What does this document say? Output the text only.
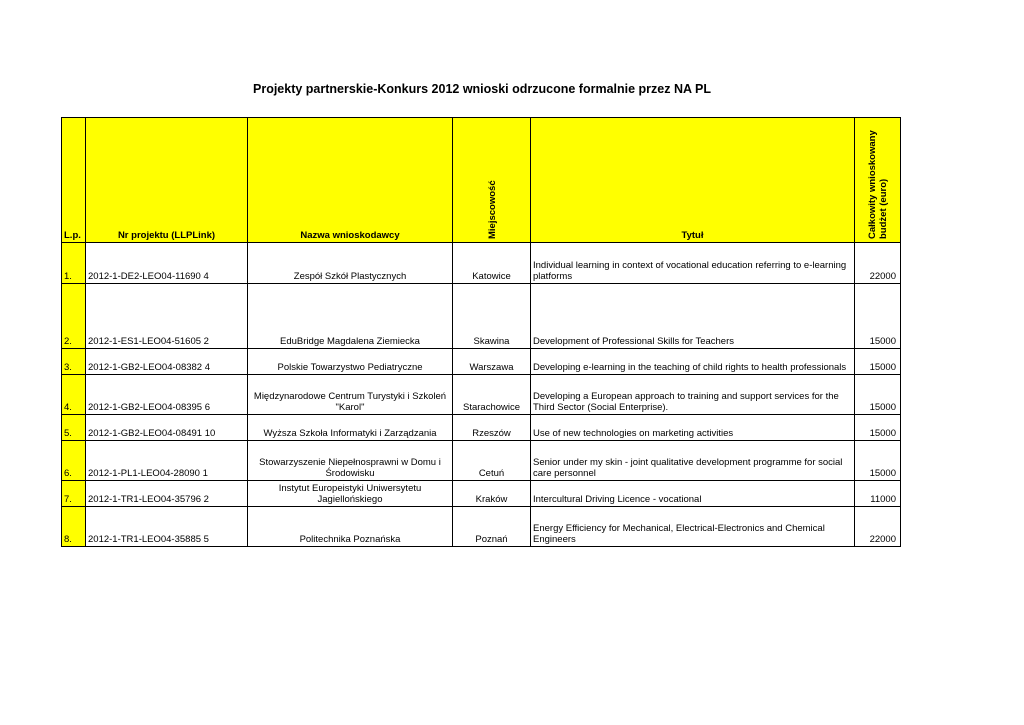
Projekty partnerskie-Konkurs 2012 wnioski odrzucone formalnie przez NA PL
L.p.	Nr projektu (LLPLink)	Nazwa wnioskodawcy	Miejscowość	Tytuł	Całkowity wnioskowany
budżet (euro)

1.	2012-1-DE2-LEO04-11690 4	Zespół Szkół Plastycznych	Katowice	Individual learning in context of vocational education referring to e-learning platforms	22000
2.	2012-1-ES1-LEO04-51605 2	EduBridge Magdalena Ziemiecka	Skawina	Development of Professional Skills for Teachers	15000
3.	2012-1-GB2-LEO04-08382 4	Polskie Towarzystwo Pediatryczne	Warszawa	Developing e-learning in the teaching of child rights to health professionals	15000
4.	2012-1-GB2-LEO04-08395 6	Międzynarodowe Centrum Turystyki i Szkoleń "Karol"	Starachowice	Developing a European approach to training and support services for the Third Sector (Social Enterprise).	15000
5.	2012-1-GB2-LEO04-08491 10	Wyższa Szkoła Informatyki i Zarządzania	Rzeszów	Use of new technologies on marketing activities	15000
6.	2012-1-PL1-LEO04-28090 1	Stowarzyszenie Niepełnosprawni w Domu i Środowisku	Cetuń	Senior under my skin - joint qualitative development programme for social care personnel	15000
7.	2012-1-TR1-LEO04-35796 2	Instytut Europeistyki Uniwersytetu Jagiellońskiego	Kraków	Intercultural Driving Licence - vocational	11000
8.	2012-1-TR1-LEO04-35885 5	Politechnika Poznańska	Poznań	Energy Efficiency for Mechanical, Electrical-Electronics and Chemical Engineers	22000
